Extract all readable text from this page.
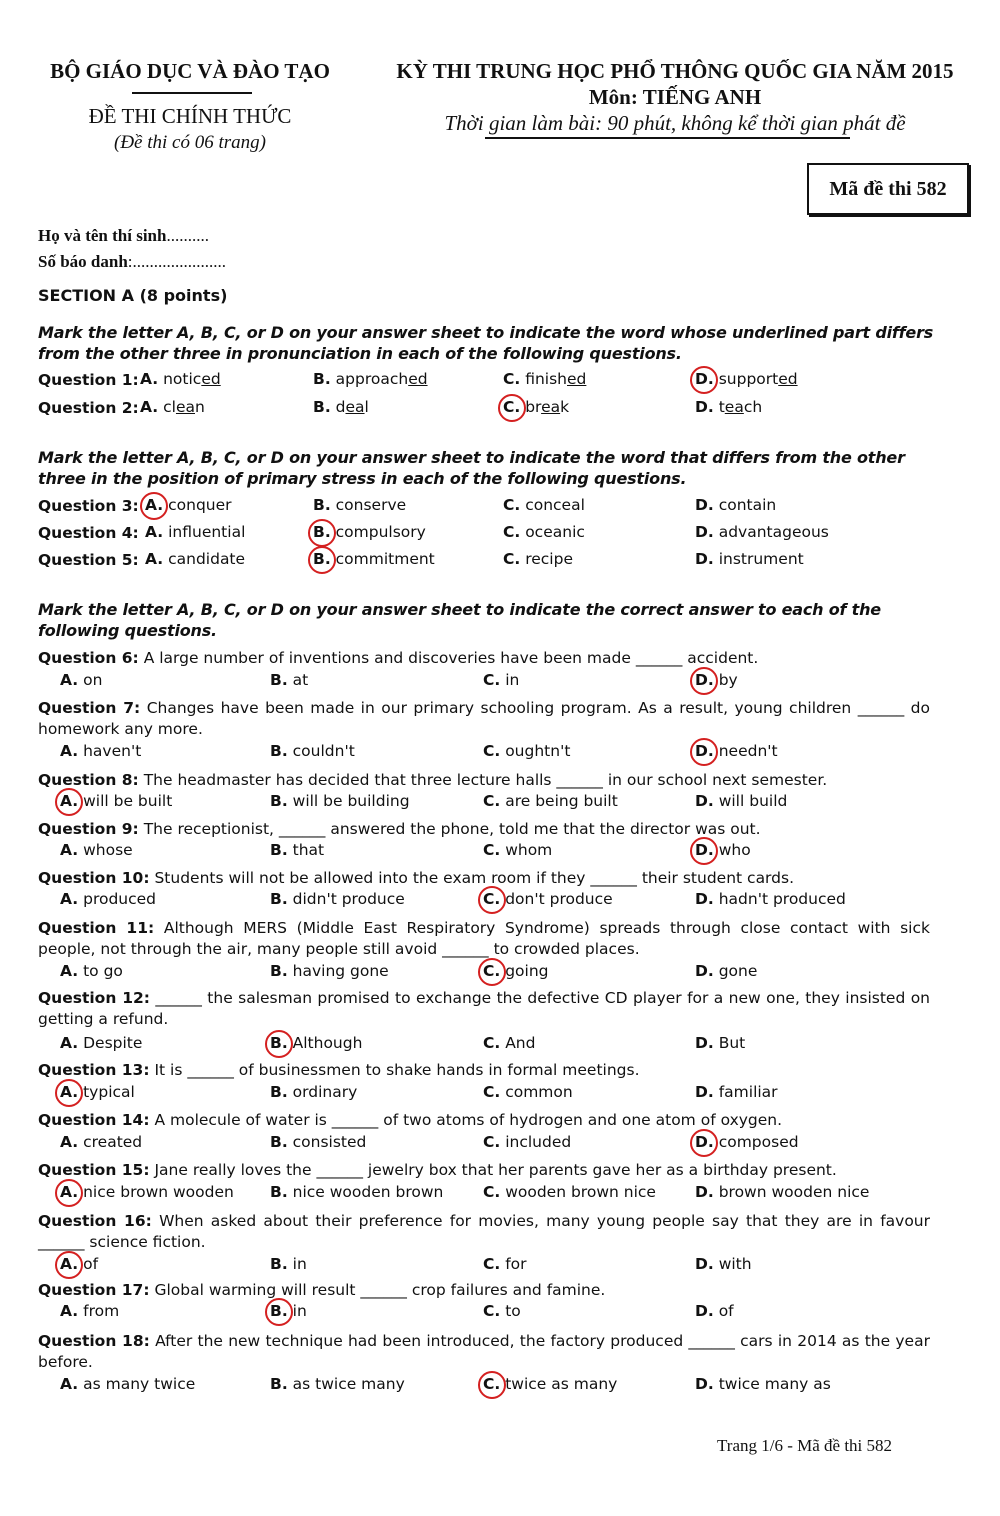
BỘ GIÁO DỤC VÀ ĐÀO TẠO
ĐỀ THI CHÍNH THỨC
(Đề thi có 06 trang)
KỲ THI TRUNG HỌC PHỔ THÔNG QUỐC GIA NĂM 2015
Môn: TIẾNG ANH
Thời gian làm bài: 90 phút, không kể thời gian phát đề
Mã đề thi 582
Họ và tên thí sinh..........
Số báo danh:......................
SECTION A (8 points)
Mark the letter A, B, C, or D on your answer sheet to indicate the word whose underlined part differs from the other three in pronunciation in each of the following questions.
Question 1: A. noticed	B. approached	C. finished	D. supported
Question 2: A. clean	B. deal	C. break	D. teach
Mark the letter A, B, C, or D on your answer sheet to indicate the word that differs from the other three in the position of primary stress in each of the following questions.
Question 3: A. conquer	B. conserve	C. conceal	D. contain
Question 4: A. influential	B. compulsory	C. oceanic	D. advantageous
Question 5: A. candidate	B. commitment	C. recipe	D. instrument
Mark the letter A, B, C, or D on your answer sheet to indicate the correct answer to each of the following questions.
Question 6: A large number of inventions and discoveries have been made ______ accident.
A. on	B. at	C. in	D. by
Question 7: Changes have been made in our primary schooling program. As a result, young children ______ do homework any more.
A. haven't	B. couldn't	C. oughtn't	D. needn't
Question 8: The headmaster has decided that three lecture halls ______ in our school next semester.
A. will be built	B. will be building	C. are being built	D. will build
Question 9: The receptionist, ______ answered the phone, told me that the director was out.
A. whose	B. that	C. whom	D. who
Question 10: Students will not be allowed into the exam room if they ______ their student cards.
A. produced	B. didn't produce	C. don't produce	D. hadn't produced
Question 11: Although MERS (Middle East Respiratory Syndrome) spreads through close contact with sick people, not through the air, many people still avoid ______ to crowded places.
A. to go	B. having gone	C. going	D. gone
Question 12: ______ the salesman promised to exchange the defective CD player for a new one, they insisted on getting a refund.
A. Despite	B. Although	C. And	D. But
Question 13: It is ______ of businessmen to shake hands in formal meetings.
A. typical	B. ordinary	C. common	D. familiar
Question 14: A molecule of water is ______ of two atoms of hydrogen and one atom of oxygen.
A. created	B. consisted	C. included	D. composed
Question 15: Jane really loves the ______ jewelry box that her parents gave her as a birthday present.
A. nice brown wooden B. nice wooden brown	C. wooden brown nice	D. brown wooden nice
Question 16: When asked about their preference for movies, many young people say that they are in favour ______ science fiction.
A. of	B. in	C. for	D. with
Question 17: Global warming will result ______ crop failures and famine.
A. from	B. in	C. to	D. of
Question 18: After the new technique had been introduced, the factory produced ______ cars in 2014 as the year before.
A. as many twice	B. as twice many	C. twice as many	D. twice many as
Trang 1/6 - Mã đề thi 582
